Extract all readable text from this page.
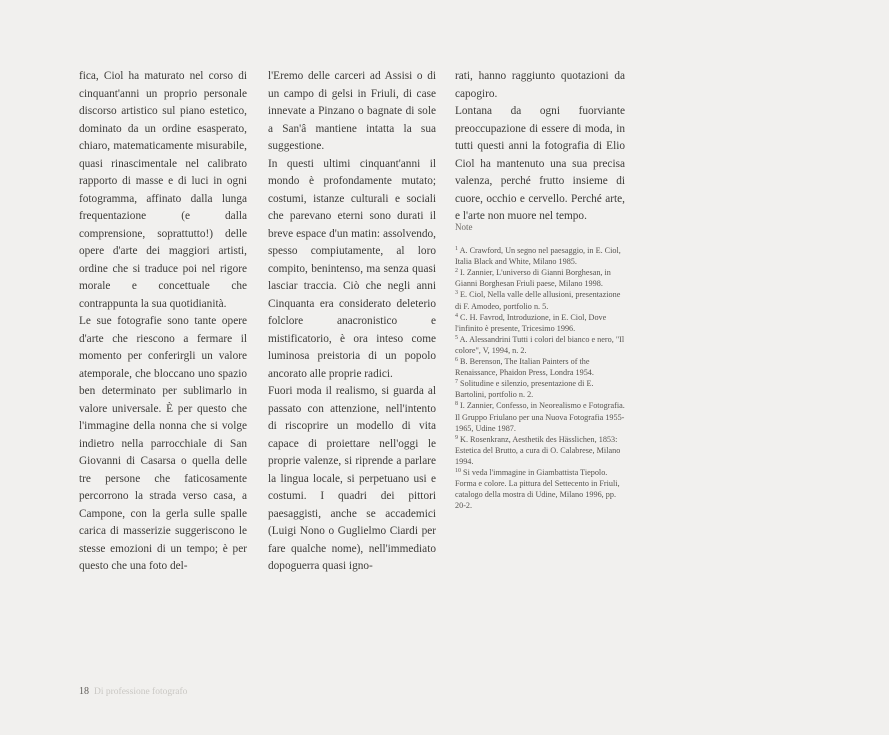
fica, Ciol ha maturato nel corso di cinquant'anni un proprio personale discorso artistico sul piano estetico, dominato da un ordine esasperato, chiaro, matematicamente misurabile, quasi rinascimentale nel calibrato rapporto di masse e di luci in ogni fotogramma, affinato dalla lunga frequentazione (e dalla comprensione, soprattutto!) delle opere d'arte dei maggiori artisti, ordine che si traduce poi nel rigore morale e concettuale che contrappunta la sua quotidianità.

Le sue fotografie sono tante opere d'arte che riescono a fermare il momento per conferirgli un valore atemporale, che bloccano uno spazio ben determinato per sublimarlo in valore universale. È per questo che l'immagine della nonna che si volge indietro nella parrocchiale di San Giovanni di Casarsa o quella delle tre persone che faticosamente percorrono la strada verso casa, a Campone, con la gerla sulle spalle carica di masserizie suggeriscono le stesse emozioni di un tempo; è per questo che una foto del-

l'Eremo delle carceri ad Assisi o di un campo di gelsi in Friuli, di case innevate a Pinzano o bagnate di sole a San'â mantiene intatta la sua suggestione.

In questi ultimi cinquant'anni il mondo è profondamente mutato; costumi, istanze culturali e sociali che parevano eterni sono durati il breve espace d'un matin: assolvendo, spesso compiutamente, al loro compito, benintenso, ma senza quasi lasciar traccia. Ciò che negli anni Cinquanta era considerato deleterio folclore anacronistico e mistificatorio, è ora inteso come luminosa preistoria di un popolo ancorato alle proprie radici.

Fuori moda il realismo, si guarda al passato con attenzione, nell'intento di riscoprire un modello di vita capace di proiettare nell'oggi le proprie valenze, si riprende a parlare la lingua locale, si perpetuano usi e costumi. I quadri dei pittori paesaggisti, anche se accademici (Luigi Nono o Guglielmo Ciardi per fare qualche nome), nell'immediato dopoguerra quasi igno-

rati, hanno raggiunto quotazioni da capogiro.

Lontana da ogni fuorviante preoccupazione di essere di moda, in tutti questi anni la fotografia di Elio Ciol ha mantenuto una sua precisa valenza, perché frutto insieme di cuore, occhio e cervello. Perché arte, e l'arte non muore nel tempo.

Note

$^1$ A. Crawford, Un segno nel paesaggio, in E. Ciol, Italia Black and White, Milano 1985.

$^2$ I. Zannier, L'universo di Gianni Borghesan, in Gianni Borghesan Friuli paese, Milano 1998.

$^3$ E. Ciol, Nella valle delle allusioni, presentazione di F. Amodeo, portfolio n. 5.

$^4$ C. H. Favrod, Introduzione, in E. Ciol, Dove l'infinito è presente, Tricesimo 1996.

$^5$ A. Alessandrini Tutti i colori del bianco e nero, "Il colore", V, 1994, n. 2.

$^6$ B. Berenson, The Italian Painters of the Renaissance, Phaidon Press, Londra 1954.

$^7$ Solitudine e silenzio, presentazione di E. Bartolini, portfolio n. 2.

$^8$ I. Zannier, Confesso, in Neorealismo e Fotografia. Il Gruppo Friulano per una Nuova Fotografia 1955-1965, Udine 1987.

$^9$ K. Rosenkranz, Aesthetik des Hässlichen, 1853: Estetica del Brutto, a cura di O. Calabrese, Milano 1994.

$^{10}$ Si veda l'immagine in Giambattista Tiepolo. Forma e colore. La pittura del Settecento in Friuli, catalogo della mostra di Udine, Milano 1996, pp. 20-2.

18 Di professione fotografo
